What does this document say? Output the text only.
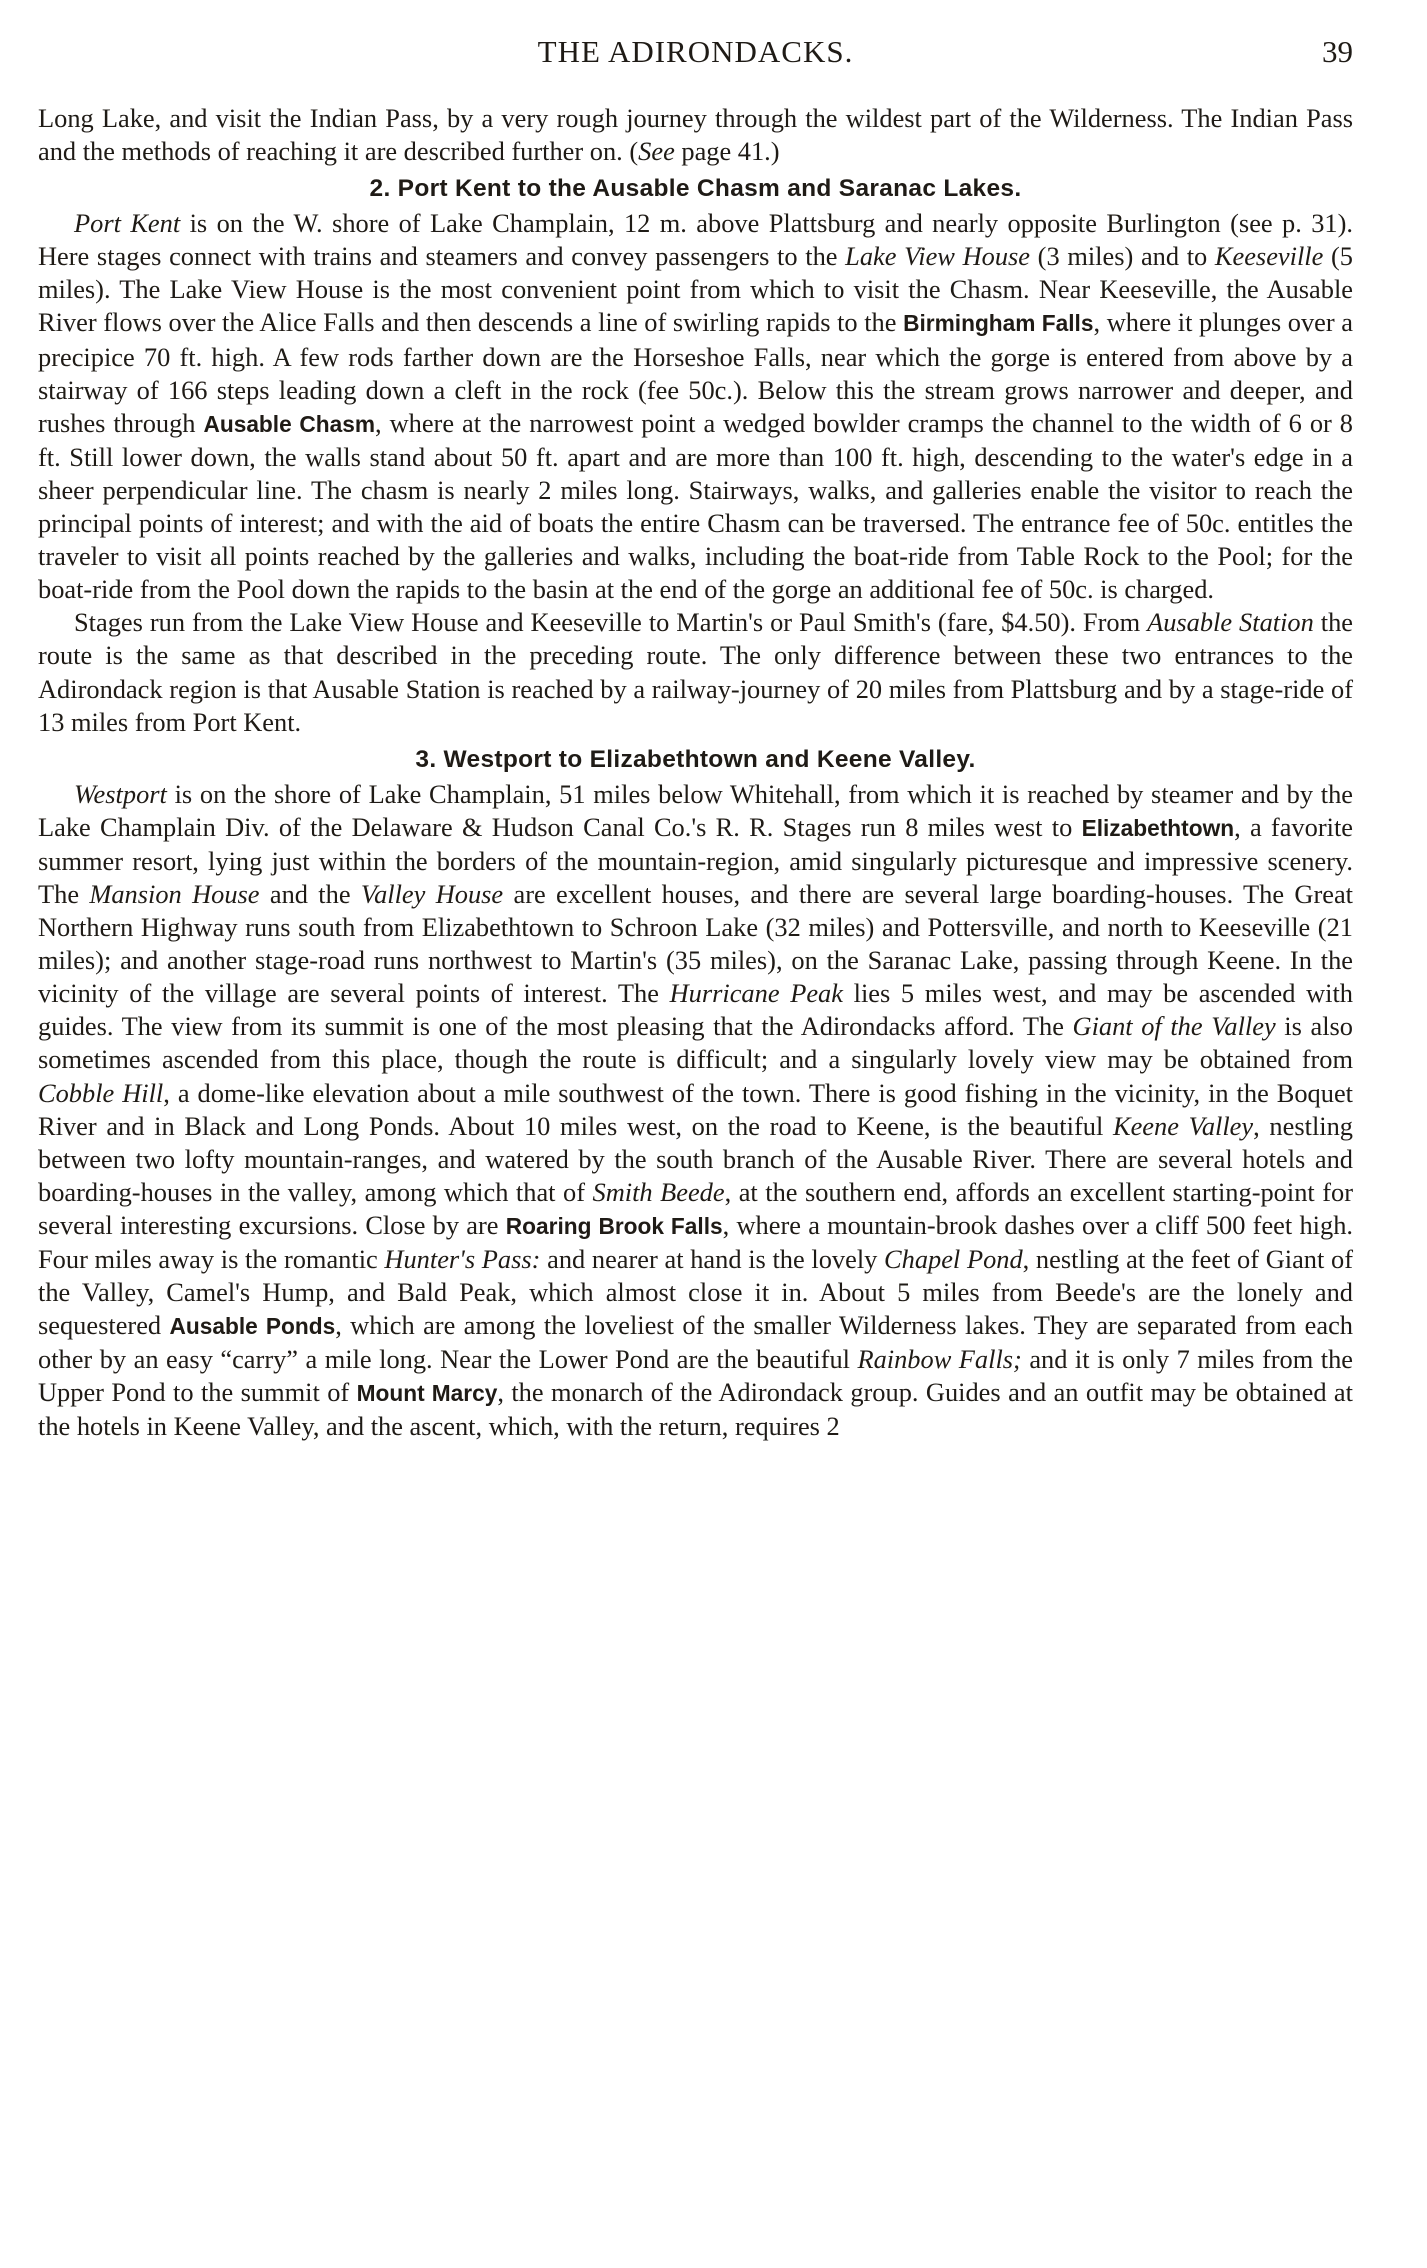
THE ADIRONDACKS.	39

Long Lake, and visit the Indian Pass, by a very rough journey through the wildest part of the Wilderness. The Indian Pass and the methods of reaching it are described further on. (See page 41.)

2. Port Kent to the Ausable Chasm and Saranac Lakes.

Port Kent is on the W. shore of Lake Champlain, 12 m. above Plattsburg and nearly opposite Burlington (see p. 31). Here stages connect with trains and steamers and convey passengers to the Lake View House (3 miles) and to Keeseville (5 miles). The Lake View House is the most convenient point from which to visit the Chasm. Near Keeseville, the Ausable River flows over the Alice Falls and then descends a line of swirling rapids to the Birmingham Falls, where it plunges over a precipice 70 ft. high. A few rods farther down are the Horseshoe Falls, near which the gorge is entered from above by a stairway of 166 steps leading down a cleft in the rock (fee 50c.). Below this the stream grows narrower and deeper, and rushes through Ausable Chasm, where at the narrowest point a wedged bowlder cramps the channel to the width of 6 or 8 ft. Still lower down, the walls stand about 50 ft. apart and are more than 100 ft. high, descending to the water's edge in a sheer perpendicular line. The chasm is nearly 2 miles long. Stairways, walks, and galleries enable the visitor to reach the principal points of interest; and with the aid of boats the entire Chasm can be traversed. The entrance fee of 50c. entitles the traveler to visit all points reached by the galleries and walks, including the boat-ride from Table Rock to the Pool; for the boat-ride from the Pool down the rapids to the basin at the end of the gorge an additional fee of 50c. is charged.

Stages run from the Lake View House and Keeseville to Martin's or Paul Smith's (fare, $4.50). From Ausable Station the route is the same as that described in the preceding route. The only difference between these two entrances to the Adirondack region is that Ausable Station is reached by a railway-journey of 20 miles from Plattsburg and by a stage-ride of 13 miles from Port Kent.

3. Westport to Elizabethtown and Keene Valley.

Westport is on the shore of Lake Champlain, 51 miles below Whitehall, from which it is reached by steamer and by the Lake Champlain Div. of the Delaware & Hudson Canal Co.'s R. R. Stages run 8 miles west to Elizabethtown, a favorite summer resort, lying just within the borders of the mountain-region, amid singularly picturesque and impressive scenery. The Mansion House and the Valley House are excellent houses, and there are several large boarding-houses. The Great Northern Highway runs south from Elizabethtown to Schroon Lake (32 miles) and Pottersville, and north to Keeseville (21 miles); and another stage-road runs northwest to Martin's (35 miles), on the Saranac Lake, passing through Keene. In the vicinity of the village are several points of interest. The Hurricane Peak lies 5 miles west, and may be ascended with guides. The view from its summit is one of the most pleasing that the Adirondacks afford. The Giant of the Valley is also sometimes ascended from this place, though the route is difficult; and a singularly lovely view may be obtained from Cobble Hill, a dome-like elevation about a mile southwest of the town. There is good fishing in the vicinity, in the Boquet River and in Black and Long Ponds. About 10 miles west, on the road to Keene, is the beautiful Keene Valley, nestling between two lofty mountain-ranges, and watered by the south branch of the Ausable River. There are several hotels and boarding-houses in the valley, among which that of Smith Beede, at the southern end, affords an excellent starting-point for several interesting excursions. Close by are Roaring Brook Falls, where a mountain-brook dashes over a cliff 500 feet high. Four miles away is the romantic Hunter's Pass: and nearer at hand is the lovely Chapel Pond, nestling at the feet of Giant of the Valley, Camel's Hump, and Bald Peak, which almost close it in. About 5 miles from Beede's are the lonely and sequestered Ausable Ponds, which are among the loveliest of the smaller Wilderness lakes. They are separated from each other by an easy “carry” a mile long. Near the Lower Pond are the beautiful Rainbow Falls; and it is only 7 miles from the Upper Pond to the summit of Mount Marcy, the monarch of the Adirondack group. Guides and an outfit may be obtained at the hotels in Keene Valley, and the ascent, which, with the return, requires 2
